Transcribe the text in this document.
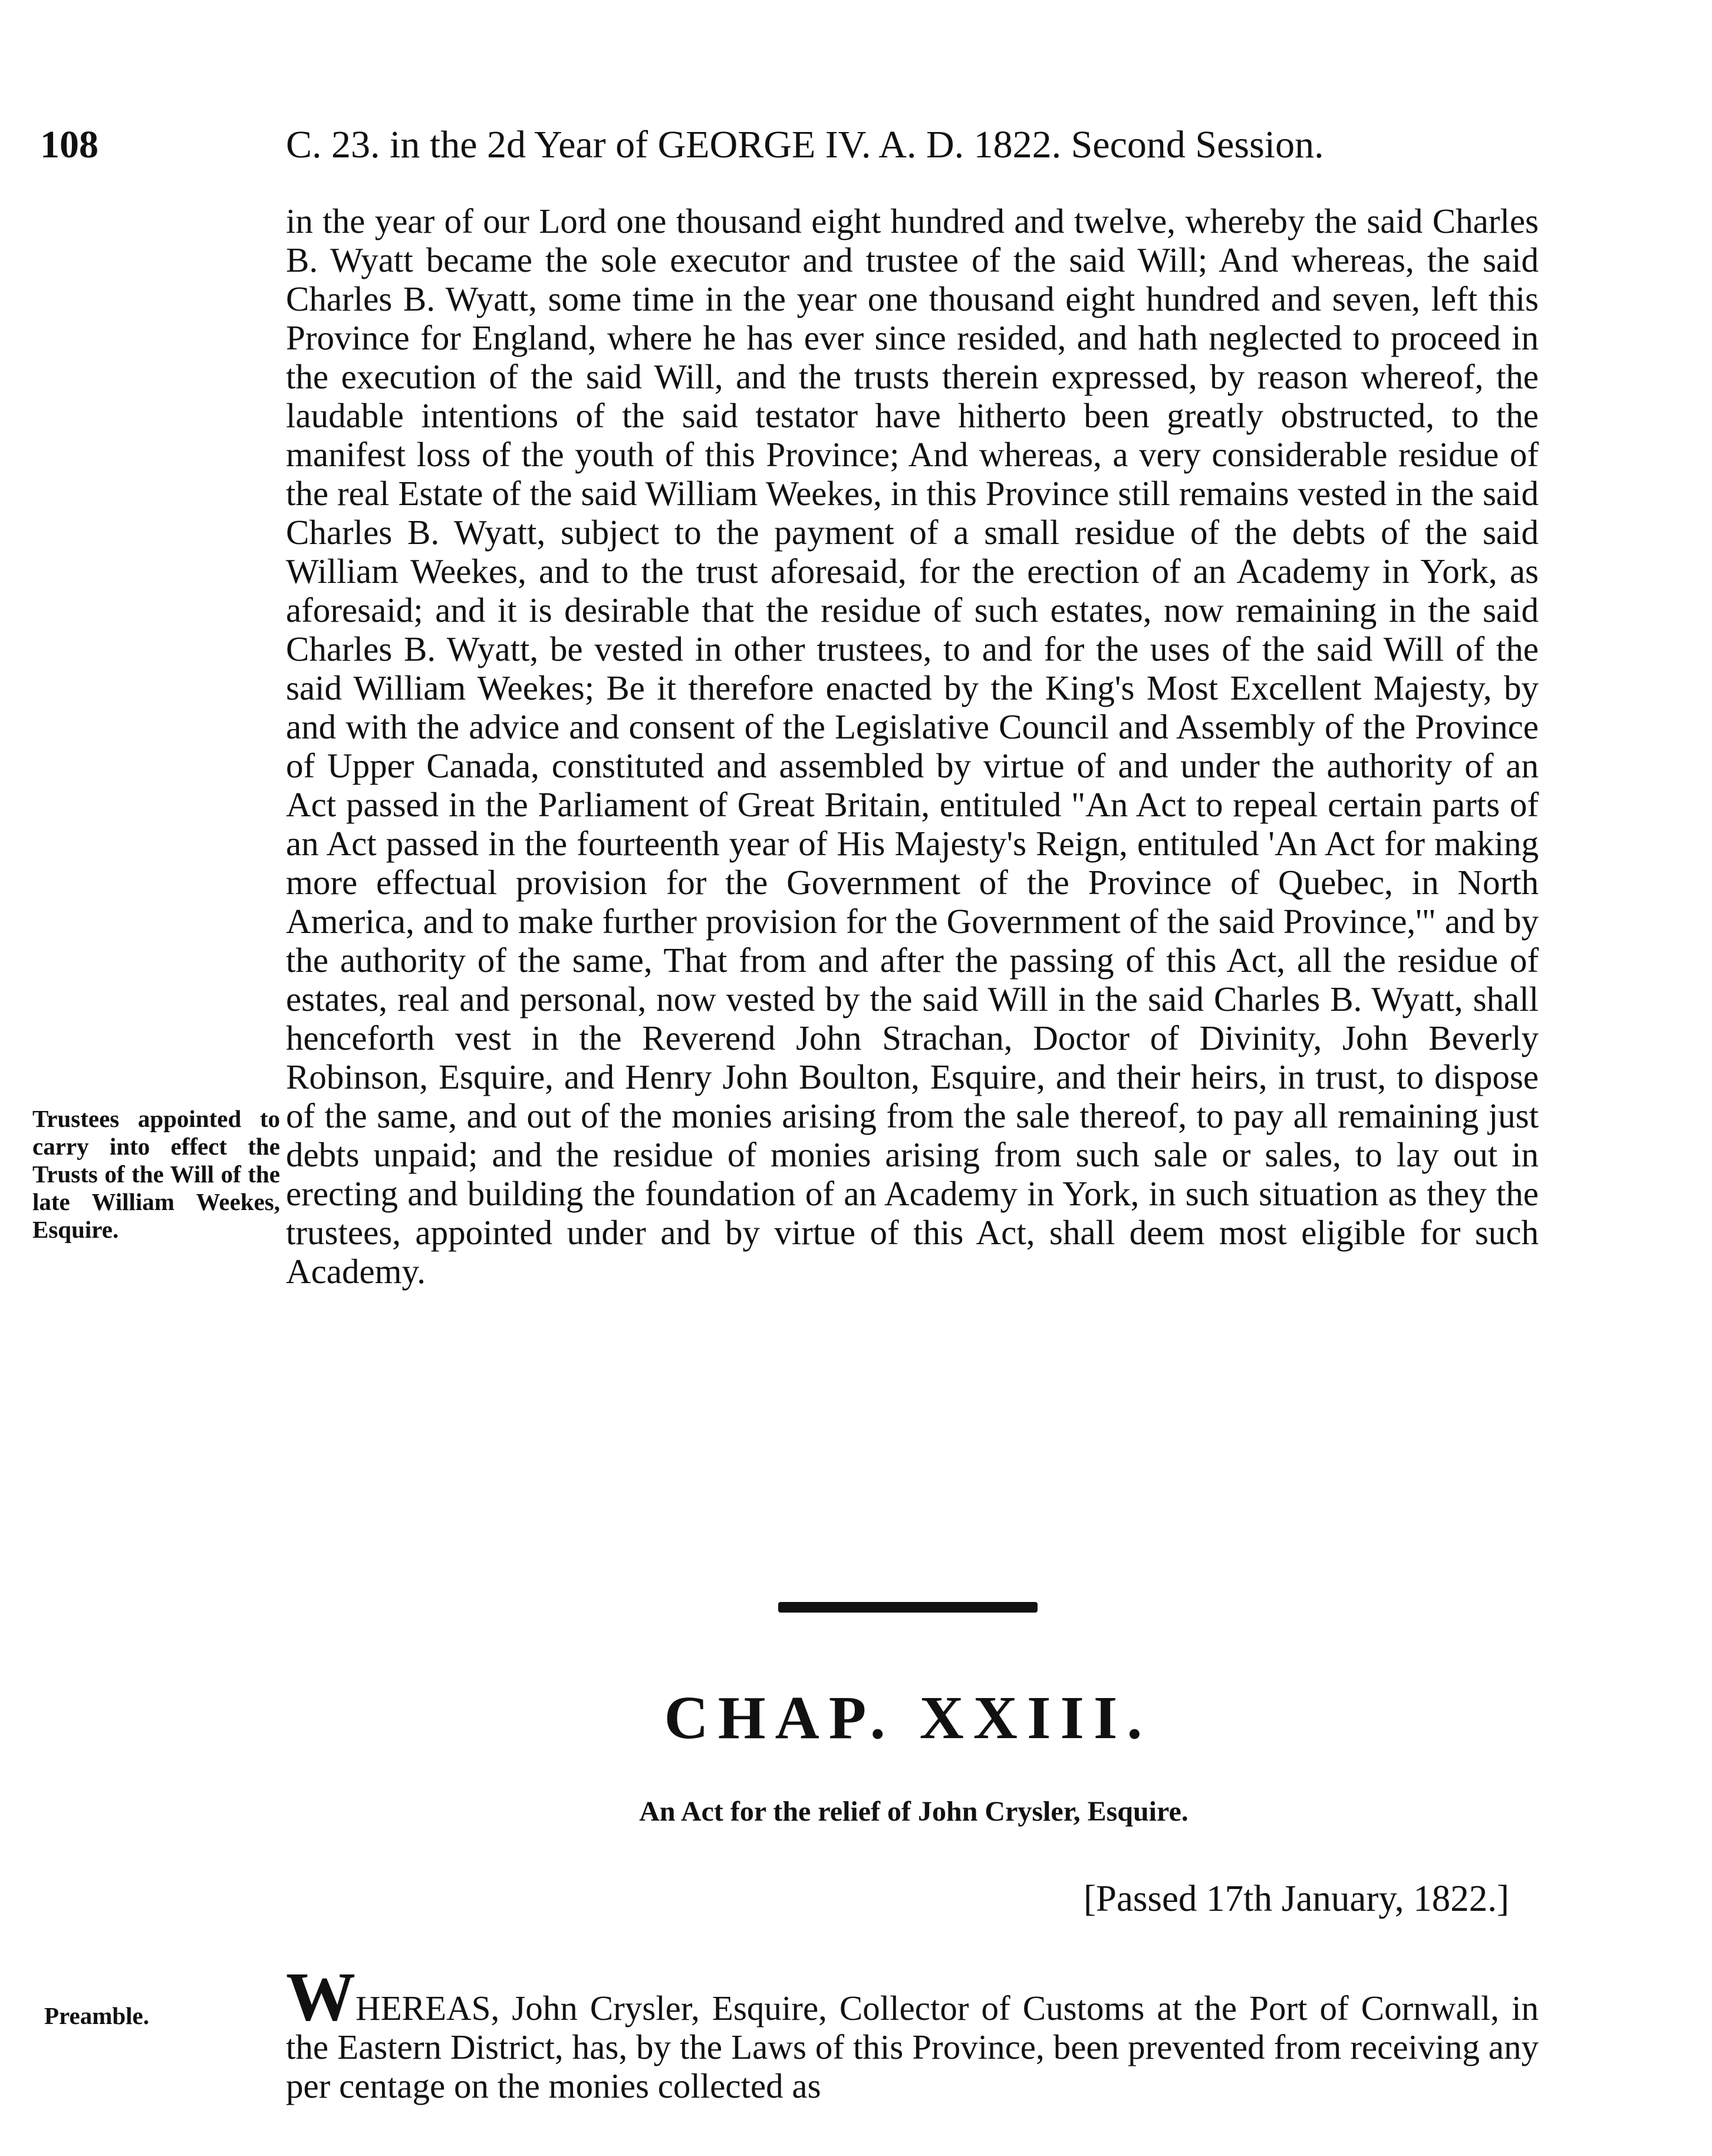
108	C. 23. in the 2d Year of GEORGE IV. A. D. 1822. Second Session.
in the year of our Lord one thousand eight hundred and twelve, whereby the said Charles B. Wyatt became the sole executor and trustee of the said Will; And whereas, the said Charles B. Wyatt, some time in the year one thousand eight hundred and seven, left this Province for England, where he has ever since resided, and hath neglected to proceed in the execution of the said Will, and the trusts therein expressed, by reason whereof, the laudable intentions of the said testator have hitherto been greatly obstructed, to the manifest loss of the youth of this Province; And whereas, a very considerable residue of the real Estate of the said William Weekes, in this Province still remains vested in the said Charles B. Wyatt, subject to the payment of a small residue of the debts of the said William Weekes, and to the trust aforesaid, for the erection of an Academy in York, as aforesaid; and it is desirable that the residue of such estates, now remaining in the said Charles B. Wyatt, be vested in other trustees, to and for the uses of the said Will of the said William Weekes; Be it therefore enacted by the King's Most Excellent Majesty, by and with the advice and consent of the Legislative Council and Assembly of the Province of Upper Canada, constituted and assembled by virtue of and under the authority of an Act passed in the Parliament of Great Britain, entituled "An Act to repeal certain parts of an Act passed in the fourteenth year of His Majesty's Reign, entituled 'An Act for making more effectual provision for the Government of the Province of Quebec, in North America, and to make further provision for the Government of the said Province,'" and by the authority of the same, That from and after the passing of this Act, all the residue of estates, real and personal, now vested by the said Will in the said Charles B. Wyatt, shall henceforth vest in the Reverend John Strachan, Doctor of Divinity, John Beverly Robinson, Esquire, and Henry John Boulton, Esquire, and their heirs, in trust, to dispose of the same, and out of the monies arising from the sale thereof, to pay all remaining just debts unpaid; and the residue of monies arising from such sale or sales, to lay out in erecting and building the foundation of an Academy in York, in such situation as they the trustees, appointed under and by virtue of this Act, shall deem most eligible for such Academy.
Trustees appointed to carry into effect the Trusts of the Will of the late William Weekes, Esquire.
CHAP. XXIII.
An Act for the relief of John Crysler, Esquire.
[Passed 17th January, 1822.]
Preamble.	WHEREAS, John Crysler, Esquire, Collector of Customs at the Port of Cornwall, in the Eastern District, has, by the Laws of this Province, been prevented from receiving any per centage on the monies collected as
